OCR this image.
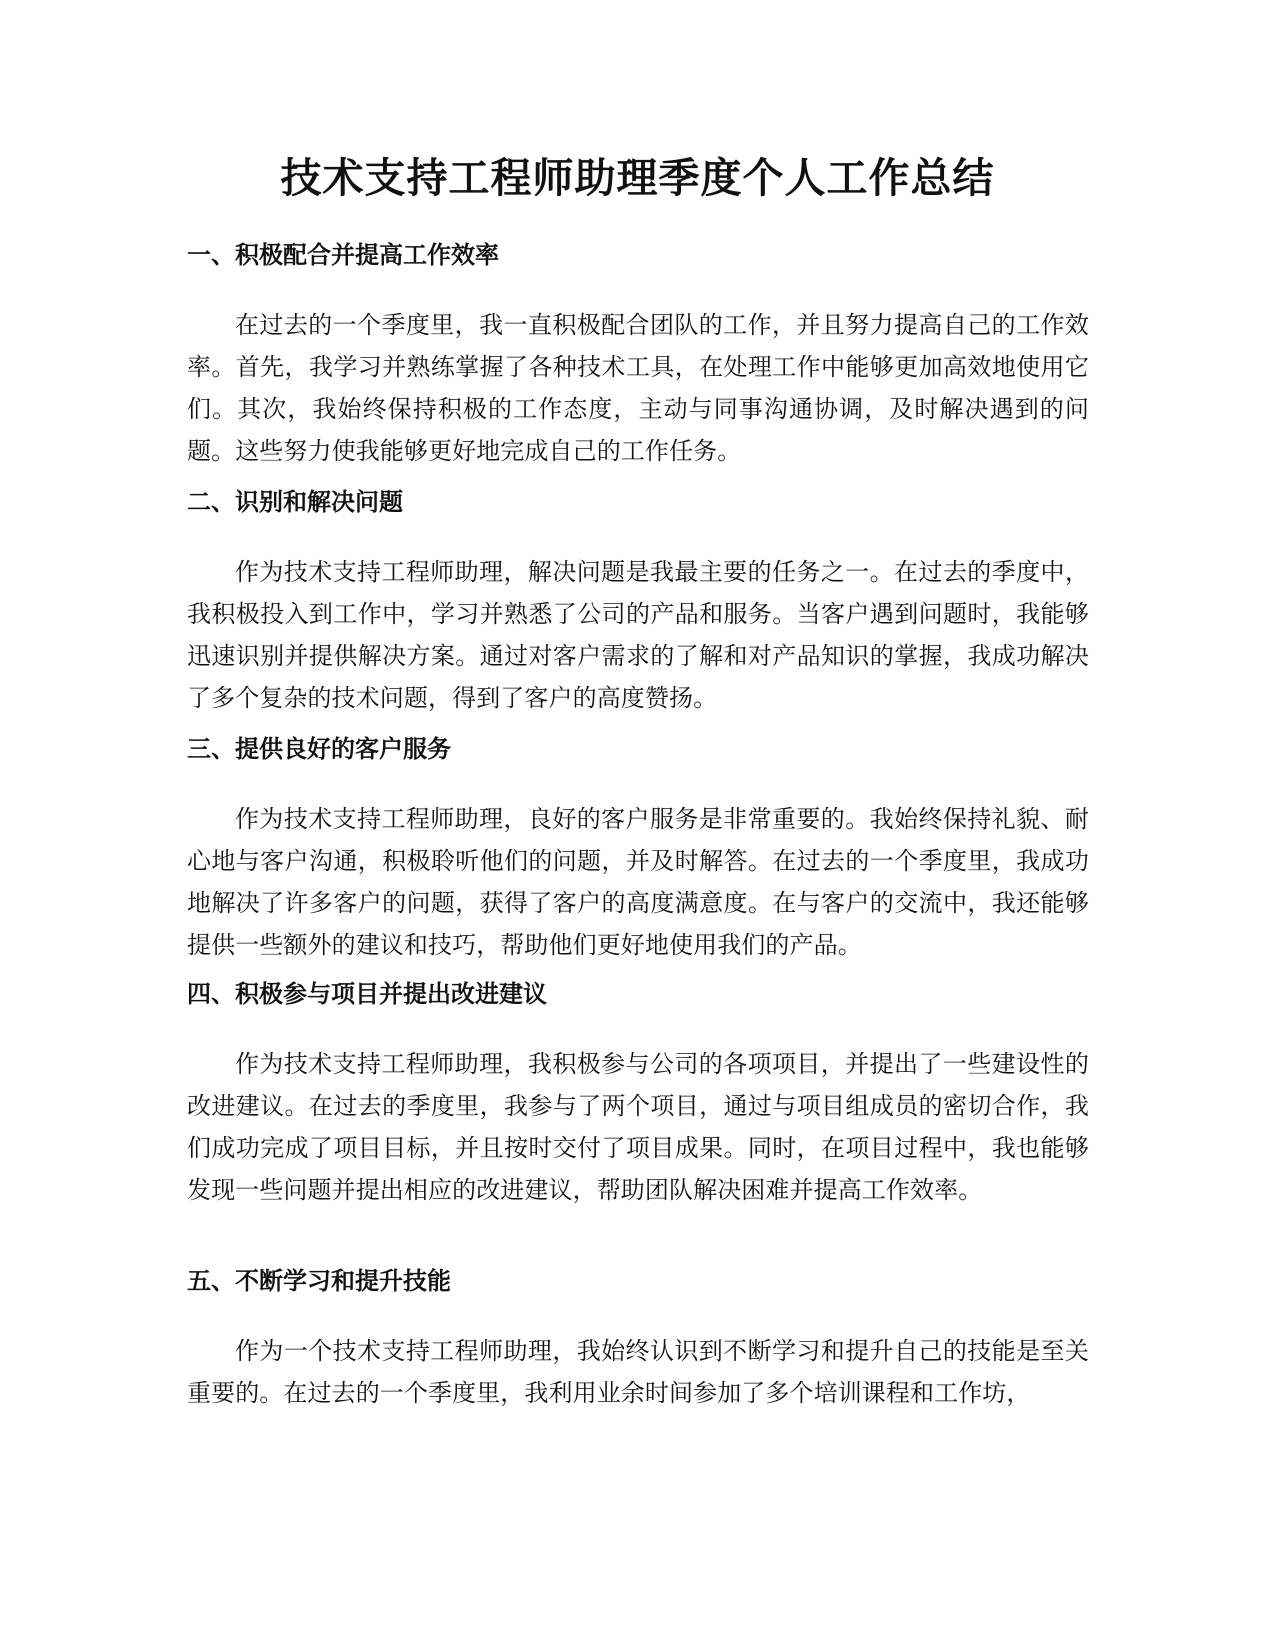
技术支持工程师助理季度个人工作总结
一、积极配合并提高工作效率

在过去的一个季度里，我一直积极配合团队的工作，并且努力提高自己的工作效率。首先，我学习并熟练掌握了各种技术工具，在处理工作中能够更加高效地使用它们。其次，我始终保持积极的工作态度，主动与同事沟通协调，及时解决遇到的问题。这些努力使我能够更好地完成自己的工作任务。

二、识别和解决问题

作为技术支持工程师助理，解决问题是我最主要的任务之一。在过去的季度中，我积极投入到工作中，学习并熟悉了公司的产品和服务。当客户遇到问题时，我能够迅速识别并提供解决方案。通过对客户需求的了解和对产品知识的掌握，我成功解决了多个复杂的技术问题，得到了客户的高度赞扬。

三、提供良好的客户服务

作为技术支持工程师助理，良好的客户服务是非常重要的。我始终保持礼貌、耐心地与客户沟通，积极聆听他们的问题，并及时解答。在过去的一个季度里，我成功地解决了许多客户的问题，获得了客户的高度满意度。在与客户的交流中，我还能够提供一些额外的建议和技巧，帮助他们更好地使用我们的产品。

四、积极参与项目并提出改进建议

作为技术支持工程师助理，我积极参与公司的各项项目，并提出了一些建设性的改进建议。在过去的季度里，我参与了两个项目，通过与项目组成员的密切合作，我们成功完成了项目目标，并且按时交付了项目成果。同时，在项目过程中，我也能够发现一些问题并提出相应的改进建议，帮助团队解决困难并提高工作效率。

五、不断学习和提升技能

作为一个技术支持工程师助理，我始终认识到不断学习和提升自己的技能是至关重要的。在过去的一个季度里，我利用业余时间参加了多个培训课程和工作坊，
